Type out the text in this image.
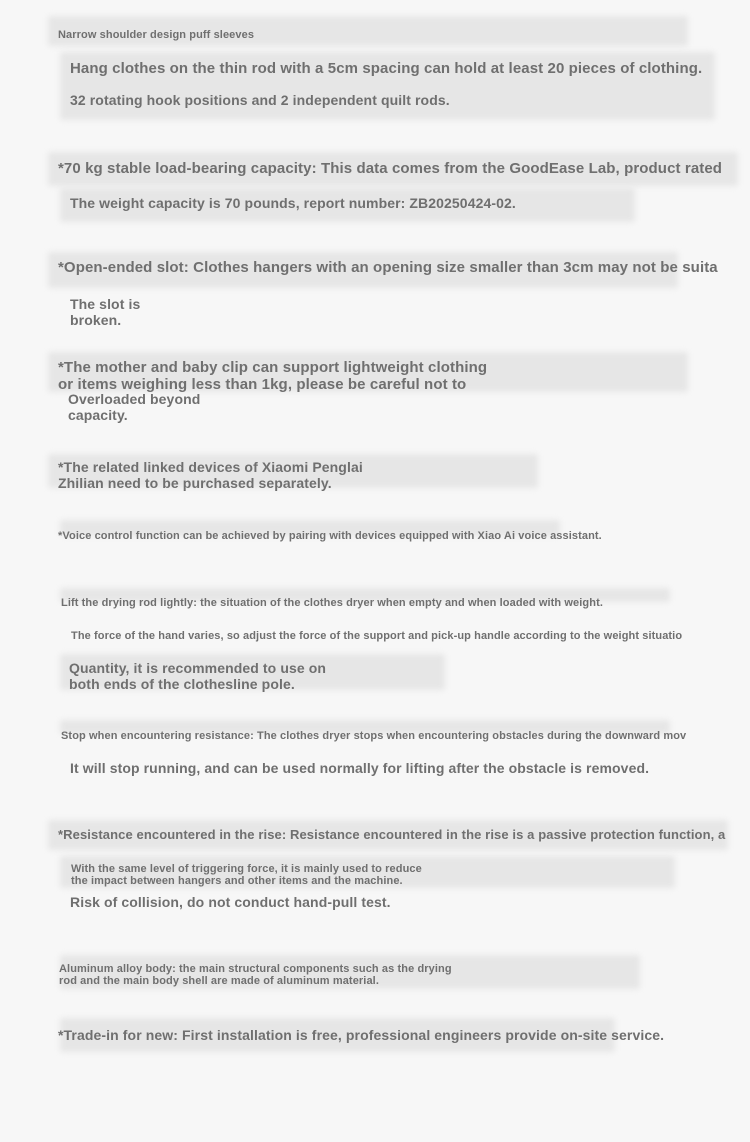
Narrow shoulder design puff sleeves

Hang clothes on the thin rod with a 5cm spacing can hold at least 20 pieces of clothing.

32 rotating hook positions and 2 independent quilt rods.

*70 kg stable load-bearing capacity: This data comes from the GoodEase Lab, product rated

The weight capacity is 70 pounds, report number: ZB20250424-02.

*Open-ended slot: Clothes hangers with an opening size smaller than 3cm may not be suita

The slot is
broken.

*The mother and baby clip can support lightweight clothing
or items weighing less than 1kg, please be careful not to

Overloaded beyond
capacity.

*The related linked devices of Xiaomi Penglai
Zhilian need to be purchased separately.

*Voice control function can be achieved by pairing with devices equipped with Xiao Ai voice assistant.

Lift the drying rod lightly: the situation of the clothes dryer when empty and when loaded with weight.

The force of the hand varies, so adjust the force of the support and pick-up handle according to the weight situatio

Quantity, it is recommended to use on
both ends of the clothesline pole.

Stop when encountering resistance: The clothes dryer stops when encountering obstacles during the downward mov

It will stop running, and can be used normally for lifting after the obstacle is removed.

*Resistance encountered in the rise: Resistance encountered in the rise is a passive protection function, a

With the same level of triggering force, it is mainly used to reduce
the impact between hangers and other items and the machine.

Risk of collision, do not conduct hand-pull test.

Aluminum alloy body: the main structural components such as the drying
rod and the main body shell are made of aluminum material.

*Trade-in for new: First installation is free, professional engineers provide on-site service.
